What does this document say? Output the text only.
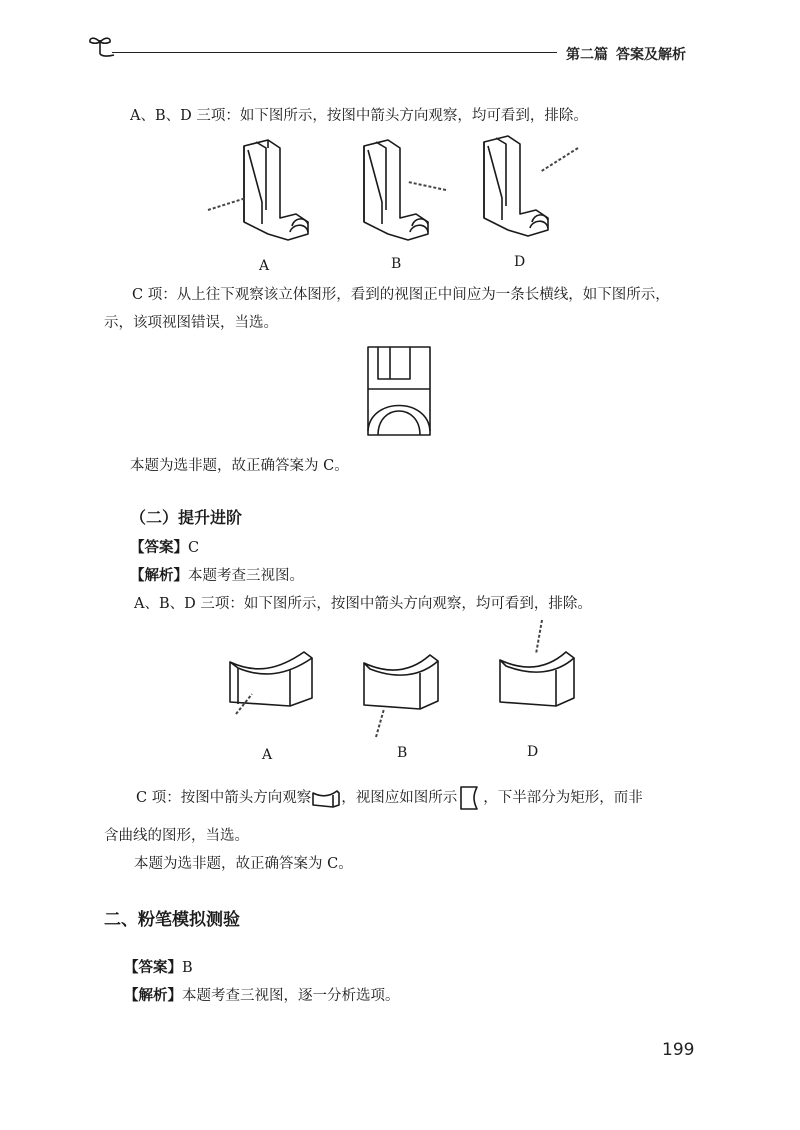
第二篇 答案及解析
A、B、D 三项：如下图所示，按图中箭头方向观察，均可看到，排除。
A	B	D
C 项：从上往下观察该立体图形，看到的视图正中间应为一条长横线，如下图所示，
示，该项视图错误，当选。
本题为选非题，故正确答案为 C。
（二）提升进阶
【答案】C
【解析】本题考查三视图。
A、B、D 三项：如下图所示，按图中箭头方向观察，均可看到，排除。
A	B	D
C 项：按图中箭头方向观察 ，视图应如图所示 ，下半部分为矩形，而非
含曲线的图形，当选。
本题为选非题，故正确答案为 C。
二、粉笔模拟测验
【答案】B
【解析】本题考查三视图，逐一分析选项。
199
